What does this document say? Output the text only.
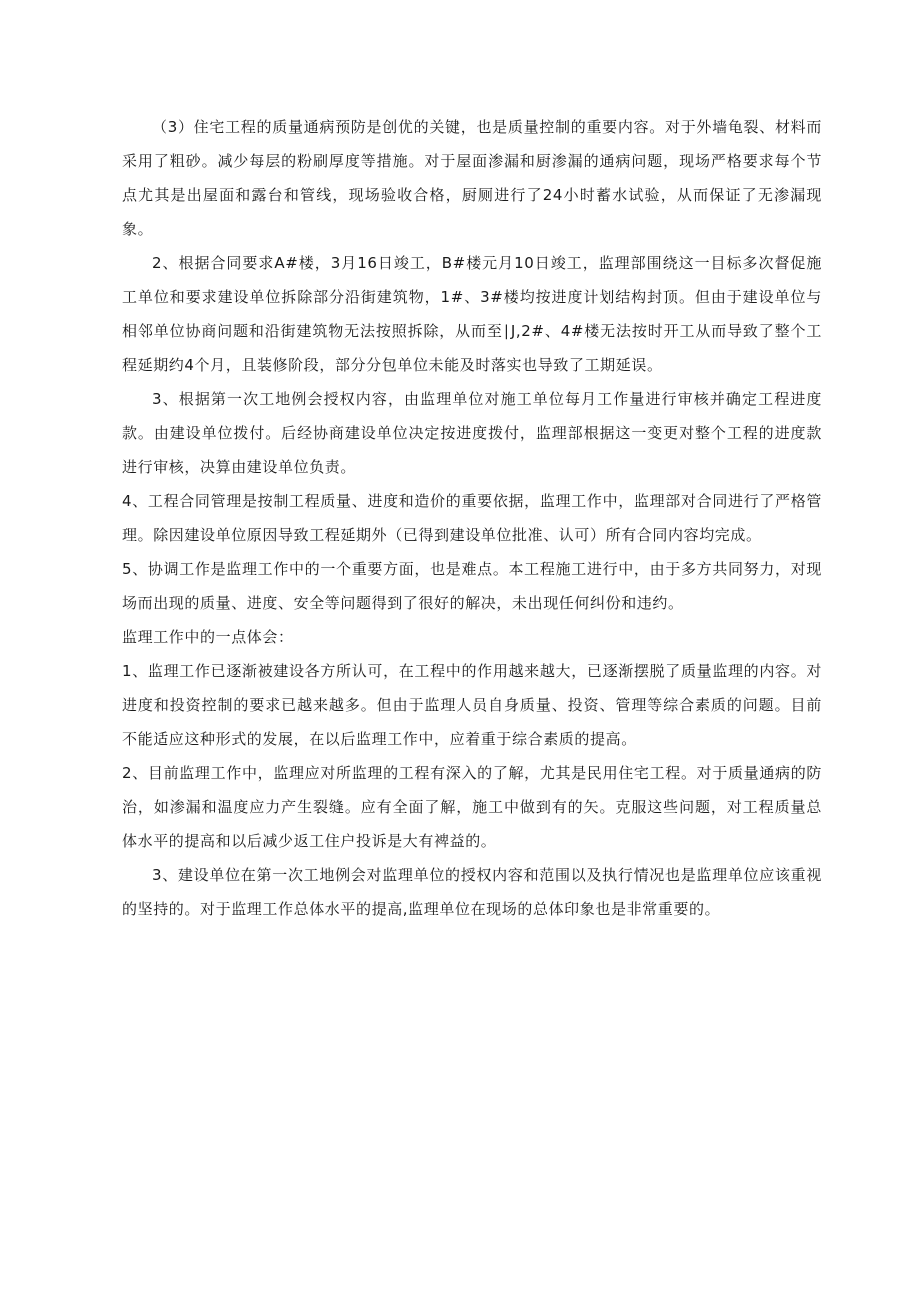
（3）住宅工程的质量通病预防是创优的关键，也是质量控制的重要内容。对于外墙龟裂、材料而采用了粗砂。减少每层的粉刷厚度等措施。对于屋面渗漏和厨渗漏的通病问题，现场严格要求每个节点尤其是出屋面和露台和管线，现场验收合格，厨厕进行了24小时蓄水试验，从而保证了无渗漏现象。

2、根据合同要求A#楼，3月16日竣工，B#楼元月10日竣工，监理部围绕这一目标多次督促施工单位和要求建设单位拆除部分沿街建筑物，1#、3#楼均按进度计划结构封顶。但由于建设单位与相邻单位协商问题和沿街建筑物无法按照拆除，从而至∣J,2#、4#楼无法按时开工从而导致了整个工程延期约4个月，且装修阶段，部分分包单位未能及时落实也导致了工期延误。

3、根据第一次工地例会授权内容，由监理单位对施工单位每月工作量进行审核并确定工程进度款。由建设单位拨付。后经协商建设单位决定按进度拨付，监理部根据这一变更对整个工程的进度款进行审核，决算由建设单位负责。

4、工程合同管理是按制工程质量、进度和造价的重要依据，监理工作中，监理部对合同进行了严格管理。除因建设单位原因导致工程延期外（已得到建设单位批准、认可）所有合同内容均完成。

5、协调工作是监理工作中的一个重要方面，也是难点。本工程施工进行中，由于多方共同努力，对现场而出现的质量、进度、安全等问题得到了很好的解决，未出现任何纠份和违约。

监理工作中的一点体会：

1、监理工作已逐渐被建设各方所认可，在工程中的作用越来越大，已逐渐摆脱了质量监理的内容。对进度和投资控制的要求已越来越多。但由于监理人员自身质量、投资、管理等综合素质的问题。目前不能适应这种形式的发展，在以后监理工作中，应着重于综合素质的提高。

2、目前监理工作中，监理应对所监理的工程有深入的了解，尤其是民用住宅工程。对于质量通病的防治，如渗漏和温度应力产生裂缝。应有全面了解，施工中做到有的矢。克服这些问题，对工程质量总体水平的提高和以后减少返工住户投诉是大有裨益的。

3、建设单位在第一次工地例会对监理单位的授权内容和范围以及执行情况也是监理单位应该重视的坚持的。对于监理工作总体水平的提高,监理单位在现场的总体印象也是非常重要的。
